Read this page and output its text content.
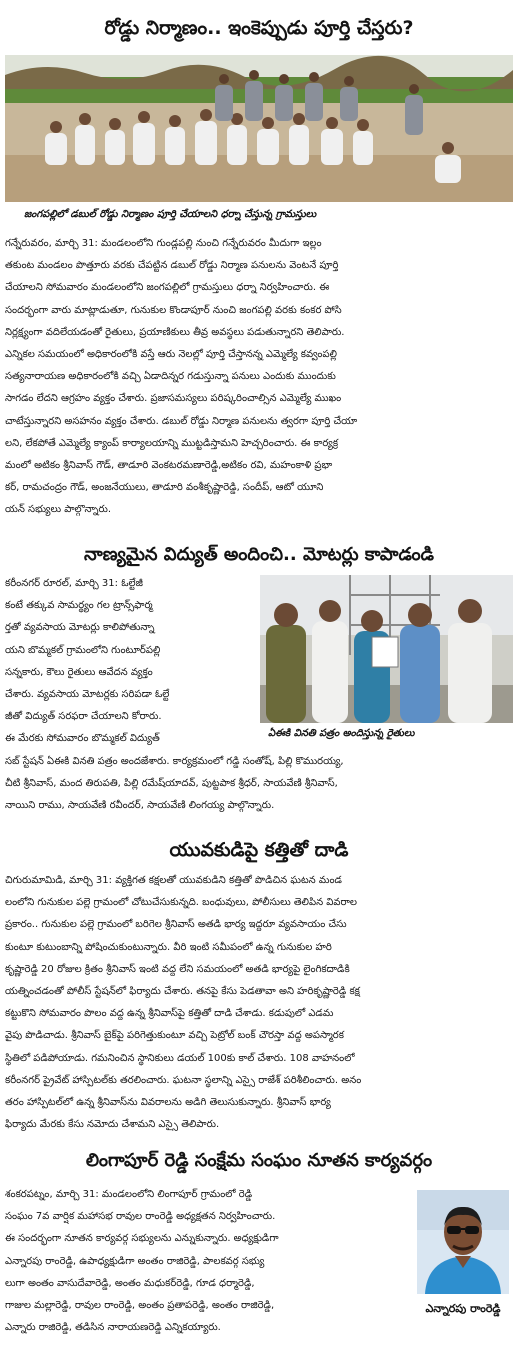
రోడ్డు నిర్మాణం.. ఇంకెప్పుడు పూర్తి చేస్తరు?
జంగపల్లిలో డబుల్ రోడ్డు నిర్మాణం పూర్తి చేయాలని ధర్నా చేస్తున్న గ్రామస్తులు
గన్నేరువరం, మార్చి 31: మండలంలోని గుండ్లపల్లి నుంచి గన్నేరువరం మీదుగా ఇల్లం
తకుంట మండలం పొత్తూరు వరకు చేపట్టిన డబుల్ రోడ్డు నిర్మాణ పనులను వెంటనే పూర్తి
చేయాలని సోమవారం మండలంలోని జంగపల్లిలో గ్రామస్తులు ధర్నా నిర్వహించారు. ఈ
సందర్భంగా వారు మాట్లాడుతూ, గునుకుల కొండాపూర్ నుంచి జంగపల్లి వరకు కంకర పోసి
నిర్లక్ష్యంగా వదిలేయడంతో రైతులు, ప్రయాణికులు తీవ్ర అవస్థలు పడుతున్నారని తెలిపారు.
ఎన్నికల సమయంలో అధికారంలోకి వస్తే ఆరు నెలల్లో పూర్తి చేస్తానన్న ఎమ్మెల్యే కవ్వంపల్లి
సత్యనారాయణ అధికారంలోకి వచ్చి ఏడాదిన్నర గడుస్తున్నా పనులు ఎందుకు ముందుకు
సాగడం లేదని ఆగ్రహం వ్యక్తం చేశారు. ప్రజాసమస్యలు పరిష్కరించాల్సిన ఎమ్మెల్యే ముఖం
చాటేస్తున్నారని అసహనం వ్యక్తం చేశారు. డబుల్ రోడ్డు నిర్మాణ పనులను త్వరగా పూర్తి చేయా
లని, లేకపోతే ఎమ్మెల్యే క్యాంప్ కార్యాలయాన్ని ముట్టడిస్తామని హెచ్చరించారు. ఈ కార్యక్ర
మంలో అటికం శ్రీనివాస్ గౌడ్, తాడూరి వెంకటరమణారెడ్డి,అటికం రవి, మహంకాళి ప్రభా
కర్, రామచంద్రం గౌడ్, అంజనేయులు, తాడూరి వంశీకృష్ణారెడ్డి, సందీప్, ఆటో యూని
యన్ సభ్యులు పాల్గొన్నారు.
నాణ్యమైన విద్యుత్ అందించి.. మోటర్లు కాపాడండి
కరీంనగర్ రూరల్, మార్చి 31: ఓల్టేజీ
కంటే తక్కువ సామర్థ్యం గల ట్రాన్స్‌ఫార్మ
ర్తతో వ్యవసాయ మోటర్లు కాలిపోతున్నా
యని బొమ్మకల్ గ్రామంలోని గుంటూర్‌పల్లి
సన్నకారు, కౌలు రైతులు ఆవేదన వ్యక్తం
చేశారు. వ్యవసాయ మోటర్లకు సరిపడా ఓల్టే
జీతో విద్యుత్ సరఫరా చేయాలని కోరారు.
ఈ మేరకు సోమవారం బొమ్మకల్ విద్యుత్	ఏఈకి వినతి పత్రం అందిస్తున్న రైతులు
సబ్ స్టేషన్ ఏఈకి వినతి పత్రం అందజేశారు. కార్యక్రమంలో గడ్డి సంతోష్, పిల్లి కొమురయ్య,
చీటి శ్రీనివాస్, మంద తిరుపతి, పిల్లి రమేష్‌యాదవ్, పుట్టపాక శ్రీధర్, సాయవేణి శ్రీనివాస్,
నాయిని రాము, సాయవేణి రవీందర్, సాయవేణి లింగయ్య పాల్గొన్నారు.
యువకుడిపై కత్తితో దాడి
చిగురుమామిడి, మార్చి 31: వ్యక్తిగత కక్షలతో యువకుడిని కత్తితో పొడిచిన ఘటన మండ
లంలోని గునుకుల పల్లె గ్రామంలో చోటుచేసుకున్నది. బంధువులు, పోలీసులు తెలిపిన వివరాల
ప్రకారం.. గునుకుల పల్లె గ్రామంలో బరిగెల శ్రీనివాస్ అతడి భార్య ఇద్దరూ వ్యవసాయం చేసు
కుంటూ కుటుంబాన్ని పోషించుకుంటున్నారు. వీరి ఇంటి సమీపంలో ఉన్న గునుకుల హరి
కృష్ణారెడ్డి 20 రోజుల క్రితం శ్రీనివాస్ ఇంటి వద్ద లేని సమయంలో అతడి భార్యపై లైంగికదాడికి
యత్నించడంతో పోలీస్ స్టేషన్‌లో ఫిర్యాదు చేశారు. తనపై కేసు పెడతావా అని హరికృష్ణారెడ్డి కక్ష
కట్టుకొని సోమవారం పొలం వద్ద ఉన్న శ్రీనివాస్‌పై కత్తితో దాడి చేశాడు. కడుపులో ఎడమ
వైపు పొడిచాడు. శ్రీనివాస్ బైక్‌పై పరిగెత్తుకుంటూ వచ్చి పెట్రోల్ బంక్ చౌరస్తా వద్ద అపస్మారక
స్థితిలో పడిపోయాడు. గమనించిన స్థానికులు డయల్ 100కు కాల్ చేశారు. 108 వాహనంలో
కరీంనగర్ ప్రైవేట్ హాస్పిటల్‌కు తరలించారు. ఘటనా స్థలాన్ని ఎస్సై రాజేశ్ పరిశీలించారు. అనం
తరం హాస్పిటల్‌లో ఉన్న శ్రీనివాస్‌ను వివరాలను అడిగి తెలుసుకున్నారు. శ్రీనివాస్ భార్య
ఫిర్యాదు మేరకు కేసు నమోదు చేశామని ఎస్సై తెలిపారు.
లింగాపూర్ రెడ్డి సంక్షేమ సంఘం నూతన కార్యవర్గం
శంకరపట్నం, మార్చి 31: మండలంలోని లింగాపూర్ గ్రామంలో రెడ్డి
సంఘం 7వ వార్షిక మహాసభ రావుల రాంరెడ్డి అధ్యక్షతన నిర్వహించారు.
ఈ సందర్భంగా నూతన కార్యవర్గ సభ్యులను ఎన్నుకున్నారు. అధ్యక్షుడిగా
ఎన్నారపు రాంరెడ్డి, ఉపాధ్యక్షుడిగా అంతం రాజిరెడ్డి, పాలకవర్గ సభ్యు
లుగా అంతం వాసుదేవారెడ్డి, అంతం మధుకర్‌రెడ్డి, గూడ ధర్మారెడ్డి,
గాజుల మల్లారెడ్డి, రావుల రాంరెడ్డి, అంతం ప్రతాపరెడ్డి, అంతం రాజిరెడ్డి,
ఎన్నారు రాజిరెడ్డి, తడిసిన నారాయణరెడ్డి ఎన్నికయ్యారు.
ఎన్నారపు రాంరెడ్డి
